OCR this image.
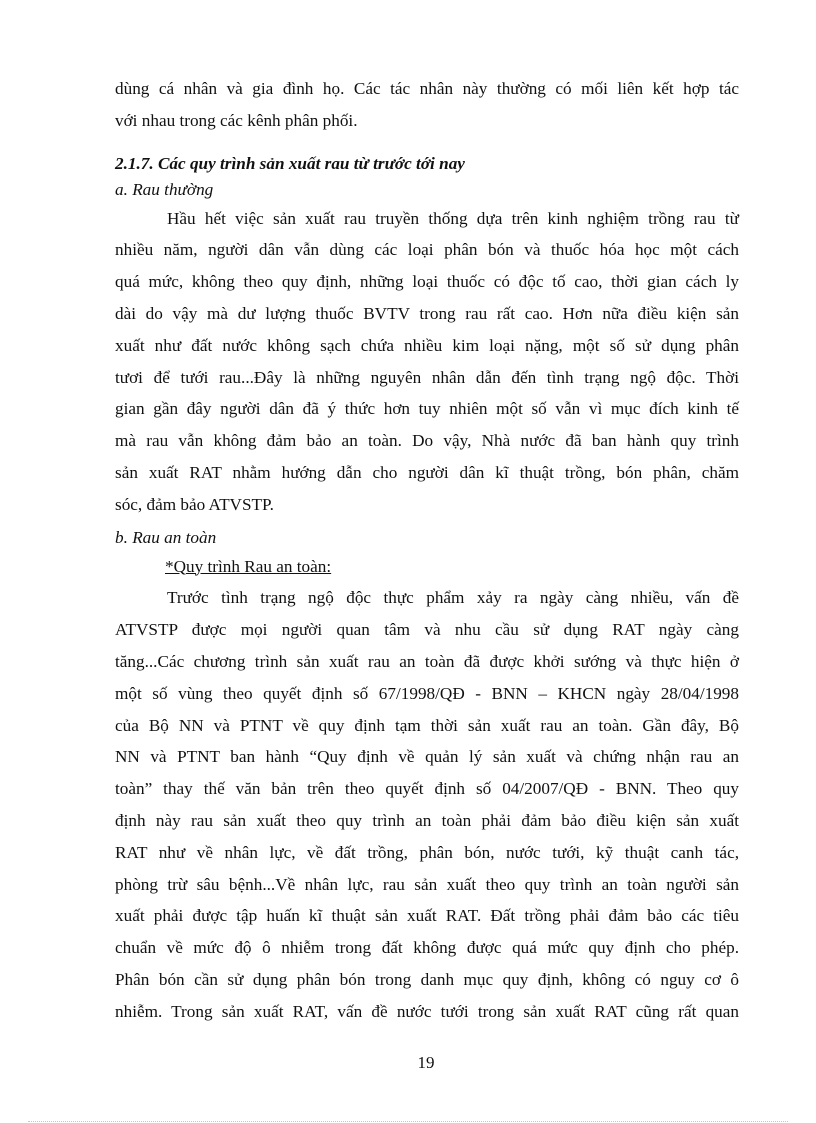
dùng cá nhân và gia đình họ. Các tác nhân này thường có mối liên kết hợp tác
với nhau trong các kênh phân phối.
2.1.7. Các quy trình sản xuất rau từ trước tới nay
a. Rau thường
Hầu hết việc sản xuất rau truyền thống dựa trên kinh nghiệm trồng rau từ
nhiều năm, người dân vẫn dùng các loại phân bón và thuốc hóa học một cách
quá mức, không theo quy định, những loại thuốc có độc tố cao, thời gian cách ly
dài do vậy mà dư lượng thuốc BVTV trong rau rất cao. Hơn nữa điều kiện sản
xuất như đất nước không sạch chứa nhiều kim loại nặng, một số sử dụng phân
tươi để tưới rau...Đây là những nguyên nhân dẫn đến tình trạng ngộ độc. Thời
gian gần đây người dân đã ý thức hơn tuy nhiên một số vẫn vì mục đích kinh tế
mà rau vẫn không đảm bảo an toàn. Do vậy, Nhà nước đã ban hành quy trình
sản xuất RAT nhằm hướng dẫn cho người dân kĩ thuật trồng, bón phân, chăm
sóc, đảm bảo ATVSTP.
b. Rau an toàn
*Quy trình Rau an toàn:
Trước tình trạng ngộ độc thực phẩm xảy ra ngày càng nhiều, vấn đề
ATVSTP được mọi người quan tâm và nhu cầu sử dụng RAT ngày càng
tăng...Các chương trình sản xuất rau an toàn đã được khởi sướng và thực hiện ở
một số vùng theo quyết định số 67/1998/QĐ - BNN – KHCN ngày 28/04/1998
của Bộ NN và PTNT về quy định tạm thời sản xuất rau an toàn. Gần đây, Bộ
NN và PTNT ban hành “Quy định về quản lý sản xuất và chứng nhận rau an
toàn” thay thế văn bản trên theo quyết định số 04/2007/QĐ - BNN. Theo quy
định này rau sản xuất theo quy trình an toàn phải đảm bảo điều kiện sản xuất
RAT như về nhân lực, về đất trồng, phân bón, nước tưới, kỹ thuật canh tác,
phòng trừ sâu bệnh...Về nhân lực, rau sản xuất theo quy trình an toàn người sản
xuất phải được tập huấn kĩ thuật sản xuất RAT. Đất trồng phải đảm bảo các tiêu
chuẩn về mức độ ô nhiễm trong đất không được quá mức quy định cho phép.
Phân bón cần sử dụng phân bón trong danh mục quy định, không có nguy cơ ô
nhiễm. Trong sản xuất RAT, vấn đề nước tưới trong sản xuất RAT cũng rất quan
19
